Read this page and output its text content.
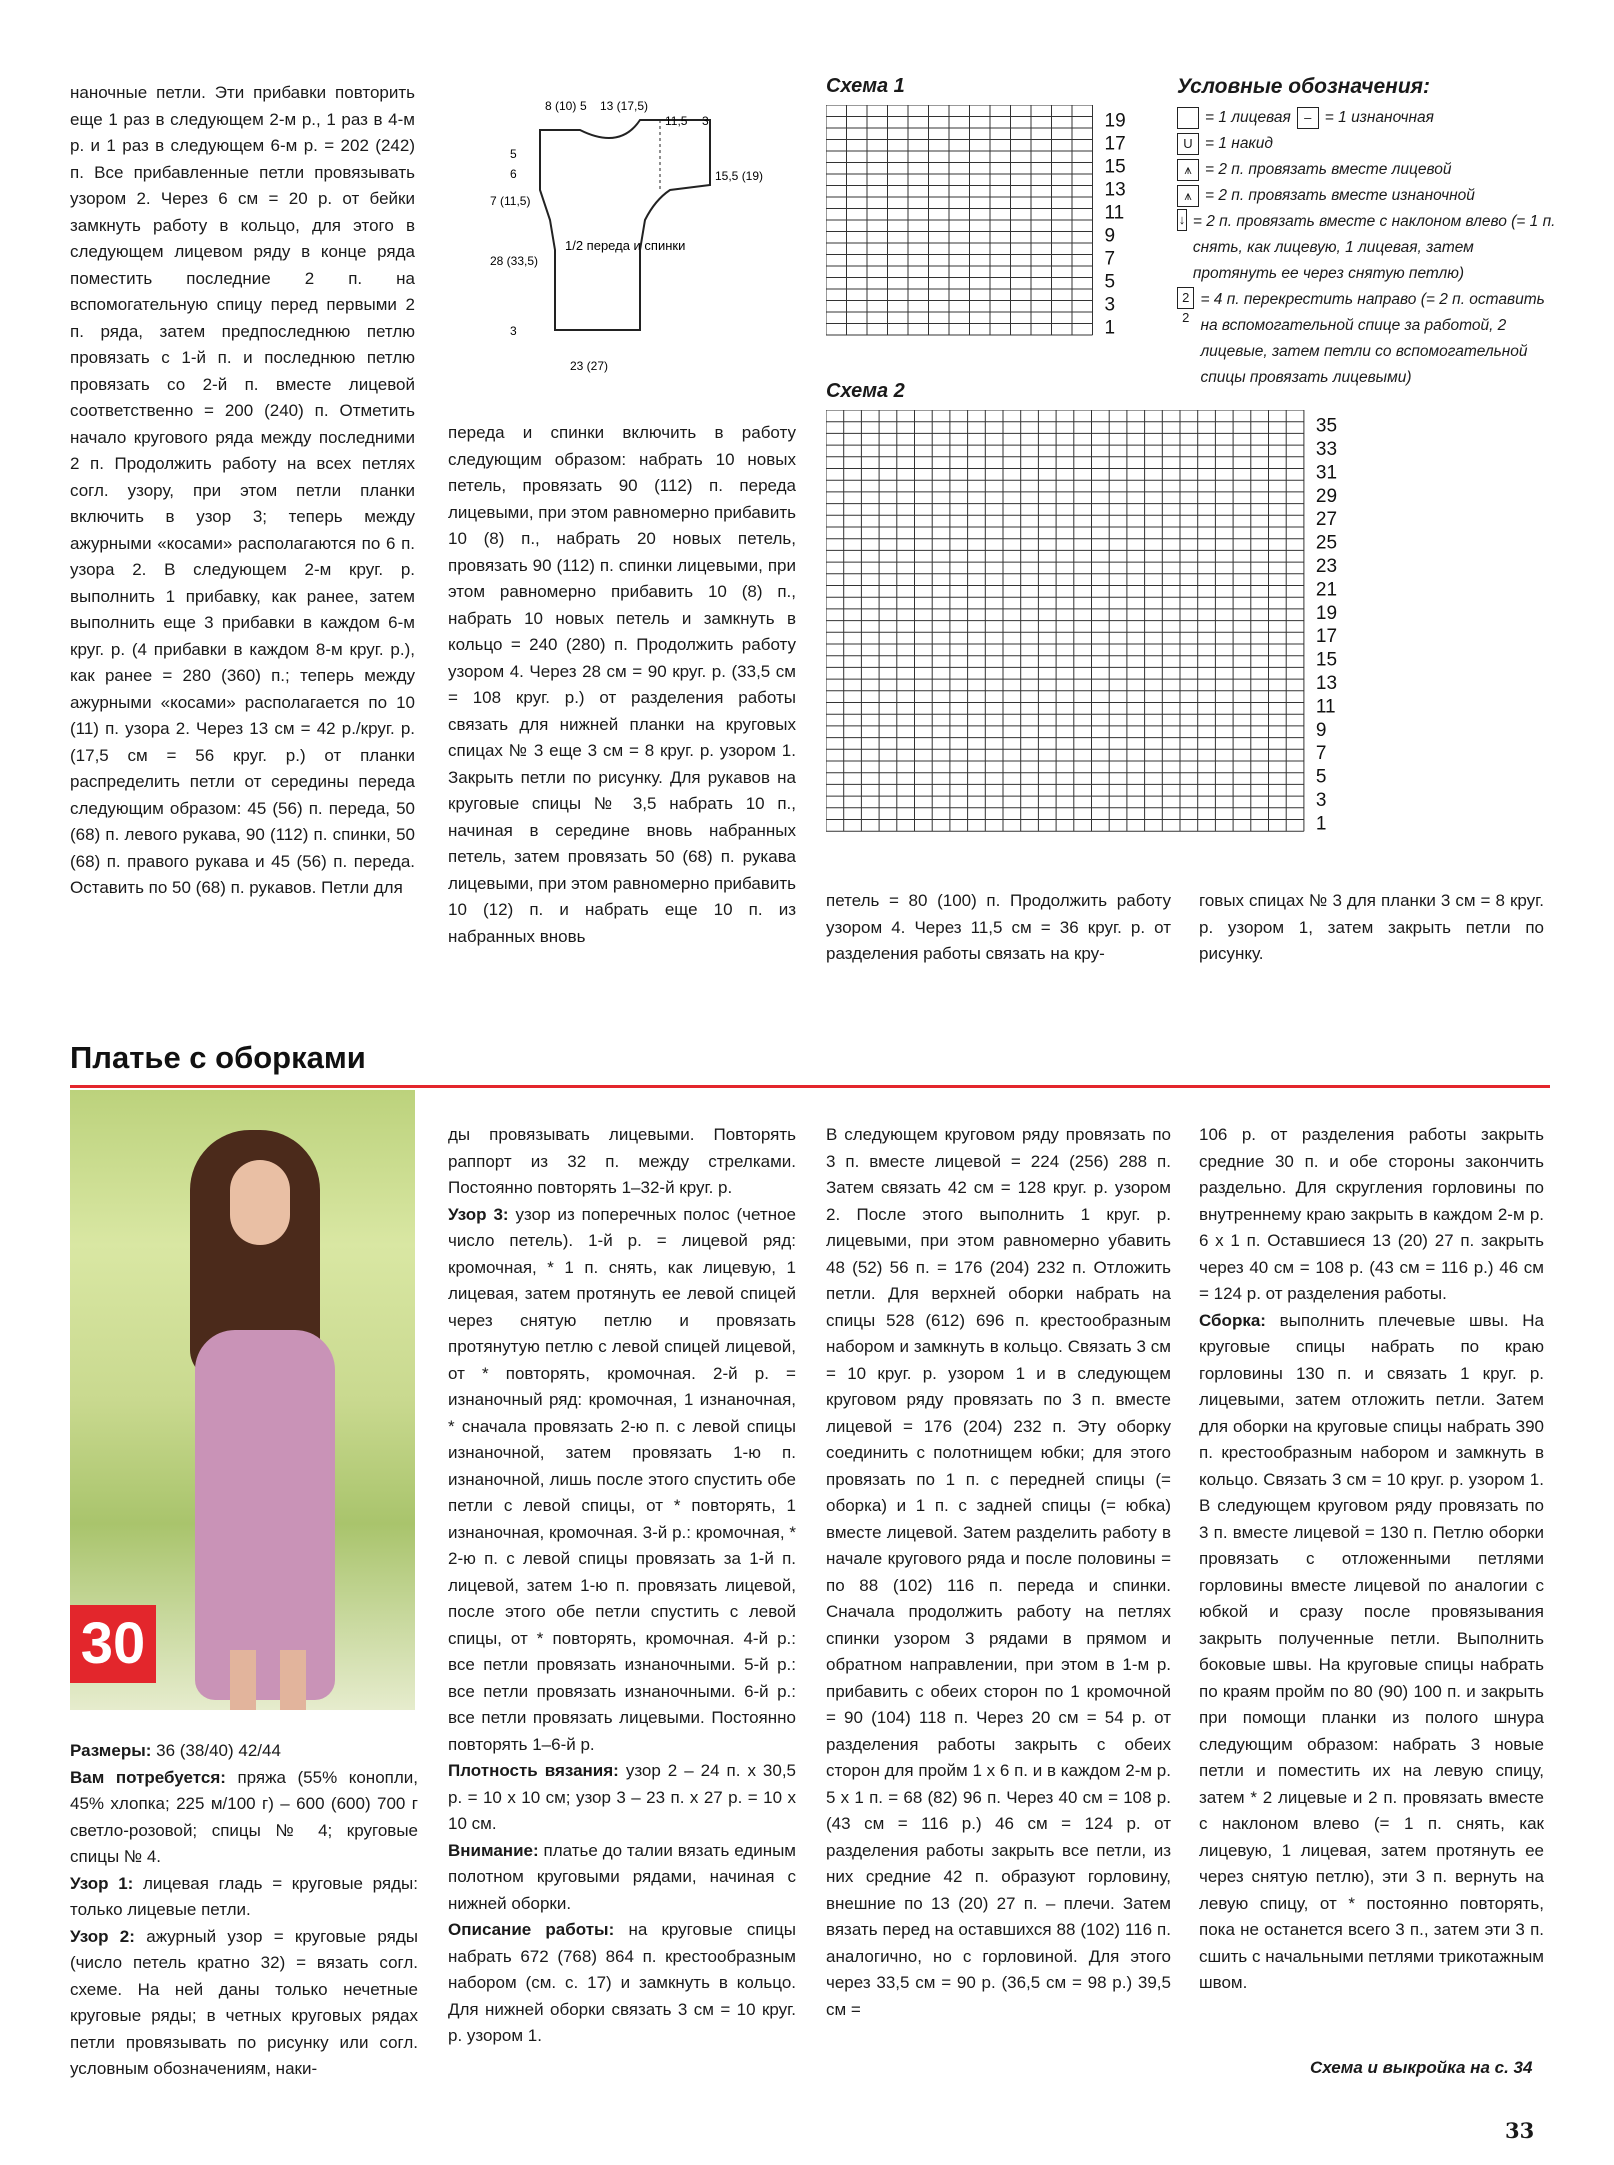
наночные петли. Эти прибавки повторить еще 1 раз в следующем 2-м р., 1 раз в 4-м р. и 1 раз в следующем 6-м р. = 202 (242) п. Все прибавленные петли провязывать узором 2. Через 6 см = 20 р. от бейки замкнуть работу в кольцо, для этого в следующем лицевом ряду в конце ряда поместить последние 2 п. на вспомогательную спицу перед первыми 2 п. ряда, затем предпоследнюю петлю провязать с 1-й п. и последнюю петлю провязать со 2-й п. вместе лицевой соответственно = 200 (240) п. Отметить начало кругового ряда между последними 2 п. Продолжить работу на всех петлях согл. узору, при этом петли планки включить в узор 3; теперь между ажурными «косами» располагаются по 6 п. узора 2. В следующем 2-м круг. р. выполнить 1 прибавку, как ранее, затем выполнить еще 3 прибавки в каждом 6-м круг. р. (4 прибавки в каждом 8-м круг. р.), как ранее = 280 (360) п.; теперь между ажурными «косами» располагается по 10 (11) п. узора 2. Через 13 см = 42 р./круг. р. (17,5 см = 56 круг. р.) от планки распределить петли от середины переда следующим образом: 45 (56) п. переда, 50 (68) п. левого рукава, 90 (112) п. спинки, 50 (68) п. правого рукава и 45 (56) п. переда. Оставить по 50 (68) п. рукавов. Петли для

8 (10) 5 13 (17,5)
11,5 3
5
6
7 (11,5)
15,5 (19)
28 (33,5)
3
1/2 переда и спинки
23 (27)

переда и спинки включить в работу следующим образом: набрать 10 новых петель, провязать 90 (112) п. переда лицевыми, при этом равномерно прибавить 10 (8) п., набрать 20 новых петель, провязать 90 (112) п. спинки лицевыми, при этом равномерно прибавить 10 (8) п., набрать 10 новых петель и замкнуть в кольцо = 240 (280) п. Продолжить работу узором 4. Через 28 см = 90 круг. р. (33,5 см = 108 круг. р.) от разделения работы связать для нижней планки на круговых спицах № 3 еще 3 см = 8 круг. р. узором 1. Закрыть петли по рисунку. Для рукавов на круговые спицы № 3,5 набрать 10 п., начиная в середине вновь набранных петель, затем провязать 50 (68) п. рукава лицевыми, при этом равномерно прибавить 10 (12) п. и набрать еще 10 п. из набранных вновь

Схема 1
19
17
15
13
11
9
7
5
3
1
Схема 2
35
33
31
29
27
25
23
21
19
17
15
13
11
9
7
5
3
1
Условные обозначения:
= 1 лицевая	– = 1 изнаночная
U = 1 накид
⩚ = 2 п. провязать вместе лицевой
⩚ = 2 п. провязать вместе изнаночной
↓ = 2 п. провязать вместе с наклоном влево (= 1 п. снять, как лицевую, 1 лицевая, затем протянуть ее через снятую петлю)
2 2
= 4 п. перекрестить направо (= 2 п. оставить на вспомогательной спице за работой, 2 лицевые, затем петли со вспомогательной спицы провязать лицевыми)

петель = 80 (100) п. Продолжить работу узором 4. Через 11,5 см = 36 круг. р. от разделения работы связать на кру-

говых спицах № 3 для планки 3 см = 8 круг. р. узором 1, затем закрыть петли по рисунку.

Платье с оборками
30

Размеры: 36 (38/40) 42/44

Вам потребуется: пряжа (55% конопли, 45% хлопка; 225 м/100 г) – 600 (600) 700 г светло-розовой; спицы № 4; круговые спицы № 4.

Узор 1: лицевая гладь = круговые ряды: только лицевые петли.

Узор 2: ажурный узор = круговые ряды (число петель кратно 32) = вязать согл. схеме. На ней даны только нечетные круговые ряды; в четных круговых рядах петли провязывать по рисунку или согл. условным обозначениям, наки-

ды провязывать лицевыми. Повторять раппорт из 32 п. между стрелками. Постоянно повторять 1–32-й круг. р.

Узор 3: узор из поперечных полос (четное число петель). 1-й р. = лицевой ряд: кромочная, * 1 п. снять, как лицевую, 1 лицевая, затем протянуть ее левой спицей через снятую петлю и провязать протянутую петлю с левой спицей лицевой, от * повторять, кромочная. 2-й р. = изнаночный ряд: кромочная, 1 изнаночная, * сначала провязать 2-ю п. с левой спицы изнаночной, затем провязать 1-ю п. изнаночной, лишь после этого спустить обе петли с левой спицы, от * повторять, 1 изнаночная, кромочная. 3-й р.: кромочная, * 2-ю п. с левой спицы провязать за 1-й п. лицевой, затем 1-ю п. провязать лицевой, после этого обе петли спустить с левой спицы, от * повторять, кромочная. 4-й р.: все петли провязать изнаночными. 5-й р.: все петли провязать изнаночными. 6-й р.: все петли провязать лицевыми. Постоянно повторять 1–6-й р.

Плотность вязания: узор 2 – 24 п. х 30,5 р. = 10 х 10 см; узор 3 – 23 п. х 27 р. = 10 х 10 см.

Внимание: платье до талии вязать единым полотном круговыми рядами, начиная с нижней оборки.

Описание работы: на круговые спицы набрать 672 (768) 864 п. крестообразным набором (см. с. 17) и замкнуть в кольцо. Для нижней оборки связать 3 см = 10 круг. р. узором 1.

В следующем круговом ряду провязать по 3 п. вместе лицевой = 224 (256) 288 п. Затем связать 42 см = 128 круг. р. узором 2. После этого выполнить 1 круг. р. лицевыми, при этом равномерно убавить 48 (52) 56 п. = 176 (204) 232 п. Отложить петли. Для верхней оборки набрать на спицы 528 (612) 696 п. крестообразным набором и замкнуть в кольцо. Связать 3 см = 10 круг. р. узором 1 и в следующем круговом ряду провязать по 3 п. вместе лицевой = 176 (204) 232 п. Эту оборку соединить с полотнищем юбки; для этого провязать по 1 п. с передней спицы (= оборка) и 1 п. с задней спицы (= юбка) вместе лицевой. Затем разделить работу в начале кругового ряда и после половины = по 88 (102) 116 п. переда и спинки. Сначала продолжить работу на петлях спинки узором 3 рядами в прямом и обратном направлении, при этом в 1-м р. прибавить с обеих сторон по 1 кромочной = 90 (104) 118 п. Через 20 см = 54 р. от разделения работы закрыть с обеих сторон для пройм 1 х 6 п. и в каждом 2-м р. 5 х 1 п. = 68 (82) 96 п. Через 40 см = 108 р. (43 см = 116 р.) 46 см = 124 р. от разделения работы закрыть все петли, из них средние 42 п. образуют горловину, внешние по 13 (20) 27 п. – плечи. Затем вязать перед на оставшихся 88 (102) 116 п. аналогично, но с горловиной. Для этого через 33,5 см = 90 р. (36,5 см = 98 р.) 39,5 см =

106 р. от разделения работы закрыть средние 30 п. и обе стороны закончить раздельно. Для скругления горловины по внутреннему краю закрыть в каждом 2-м р. 6 х 1 п. Оставшиеся 13 (20) 27 п. закрыть через 40 см = 108 р. (43 см = 116 р.) 46 см = 124 р. от разделения работы.

Сборка: выполнить плечевые швы. На круговые спицы набрать по краю горловины 130 п. и связать 1 круг. р. лицевыми, затем отложить петли. Затем для оборки на круговые спицы набрать 390 п. крестообразным набором и замкнуть в кольцо. Связать 3 см = 10 круг. р. узором 1. В следующем круговом ряду провязать по 3 п. вместе лицевой = 130 п. Петлю оборки провязать с отложенными петлями горловины вместе лицевой по аналогии с юбкой и сразу после провязывания закрыть полученные петли. Выполнить боковые швы. На круговые спицы набрать по краям пройм по 80 (90) 100 п. и закрыть при помощи планки из полого шнура следующим образом: набрать 3 новые петли и поместить их на левую спицу, затем * 2 лицевые и 2 п. провязать вместе с наклоном влево (= 1 п. снять, как лицевую, 1 лицевая, затем протянуть ее через снятую петлю), эти 3 п. вернуть на левую спицу, от * постоянно повторять, пока не останется всего 3 п., затем эти 3 п. сшить с начальными петлями трикотажным швом.

Схема и выкройка на с. 34
33
